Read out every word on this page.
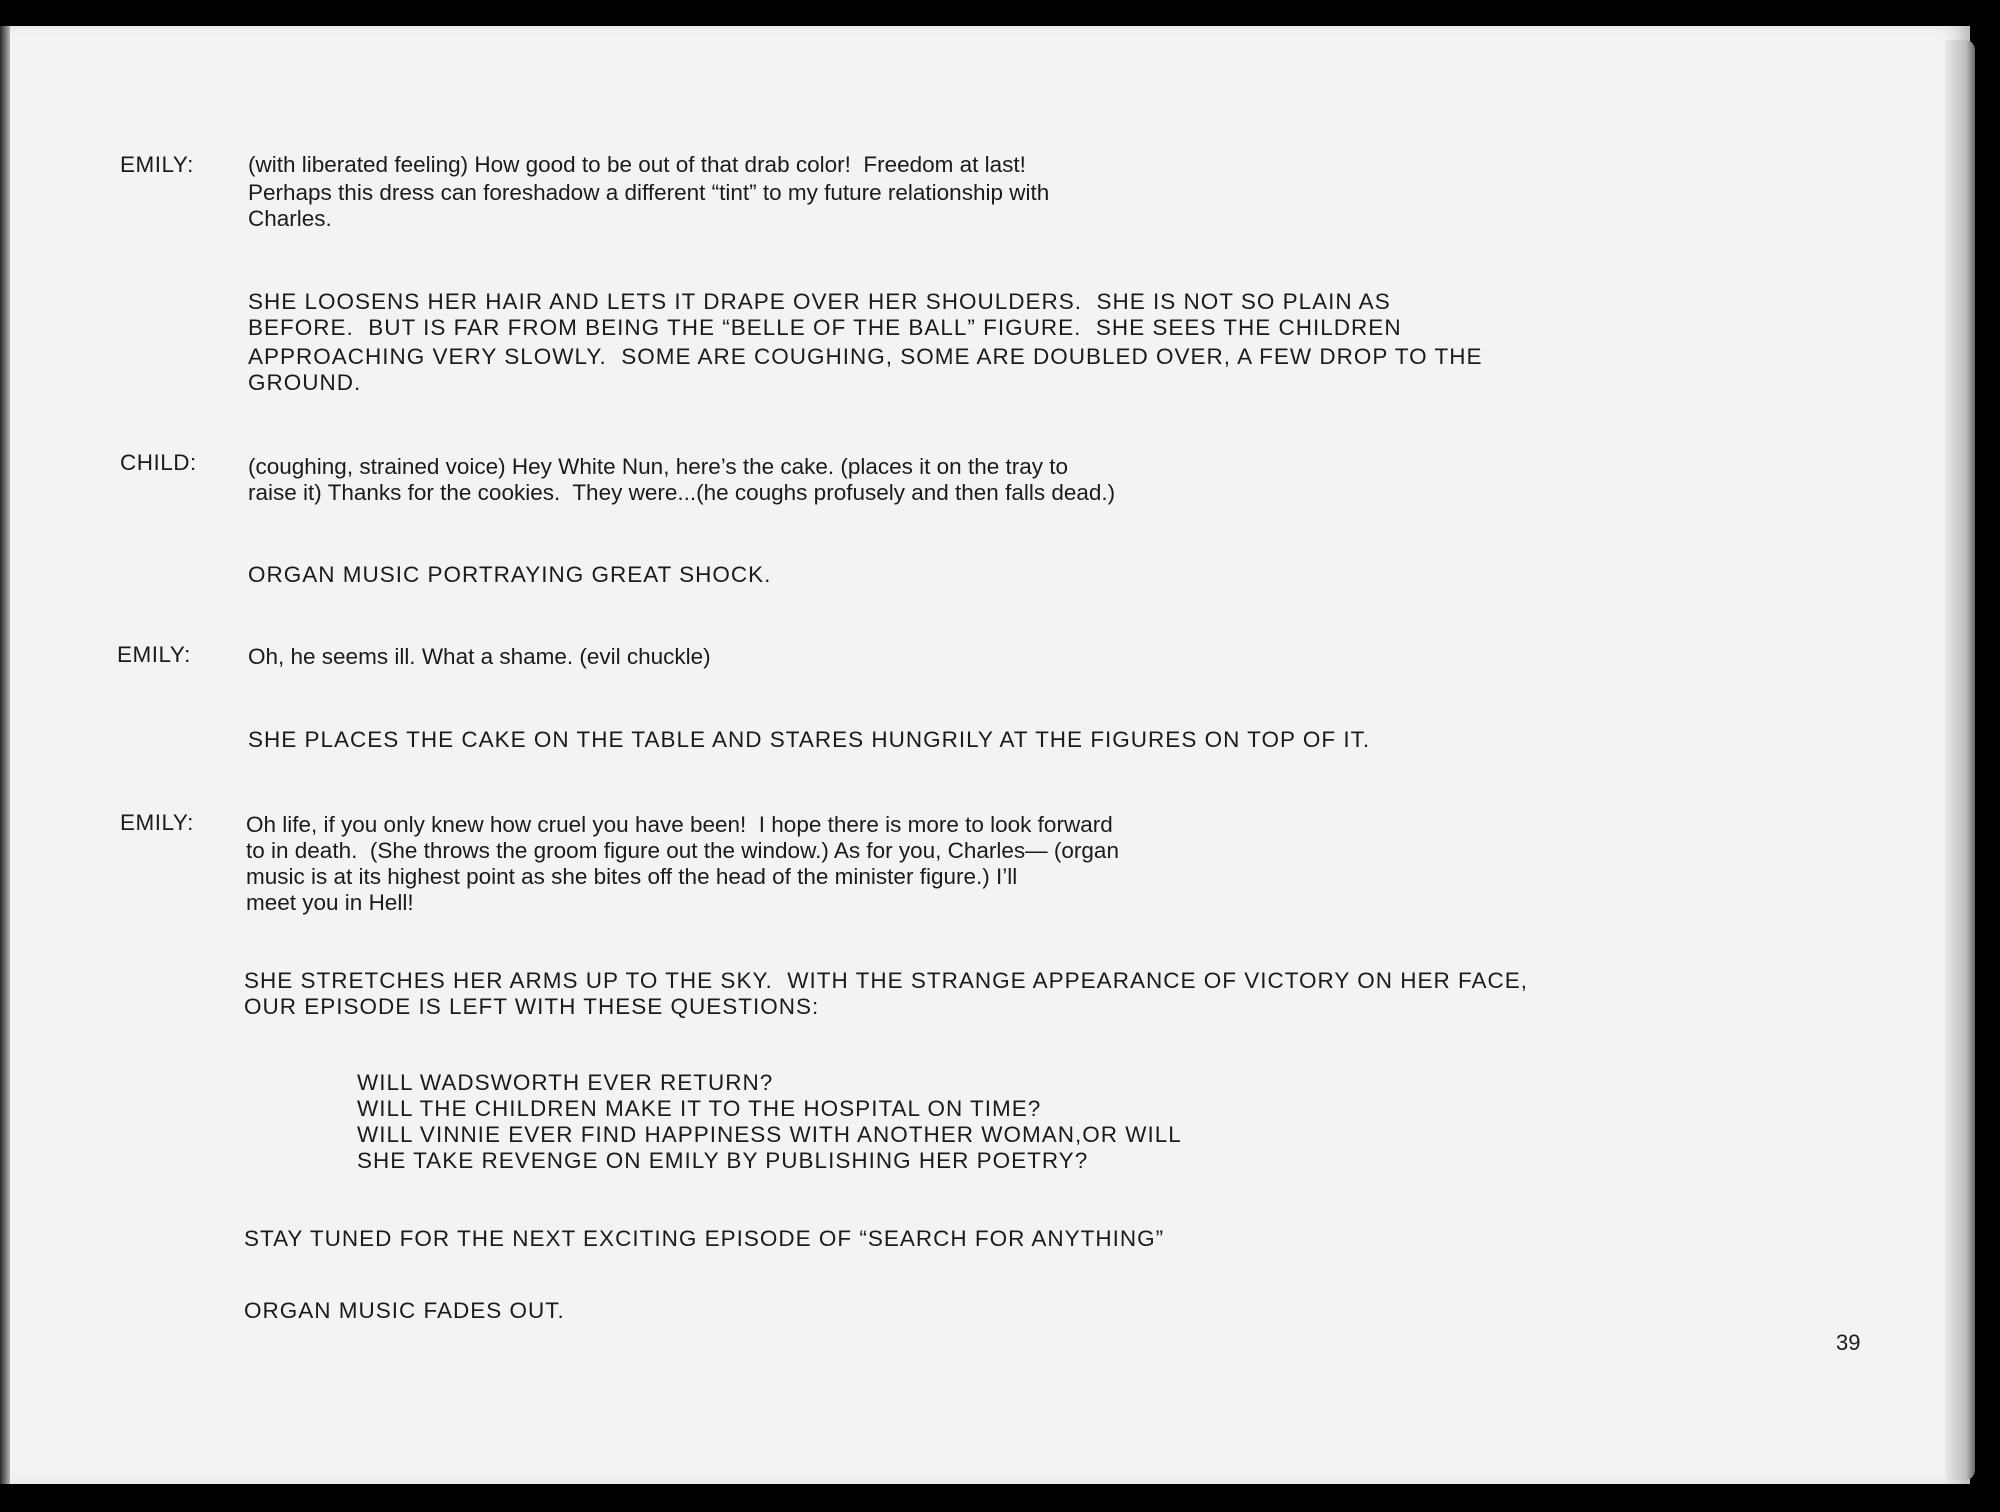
EMILY: (with liberated feeling) How good to be out of that drab color!  Freedom at last!
Perhaps this dress can foreshadow a different “tint” to my future relationship with
Charles.
SHE LOOSENS HER HAIR AND LETS IT DRAPE OVER HER SHOULDERS.  SHE IS NOT SO PLAIN AS
BEFORE.  BUT IS FAR FROM BEING THE “BELLE OF THE BALL” FIGURE.  SHE SEES THE CHILDREN
APPROACHING VERY SLOWLY.  SOME ARE COUGHING, SOME ARE DOUBLED OVER, A FEW DROP TO THE
GROUND.
CHILD: (coughing, strained voice) Hey White Nun, here’s the cake. (places it on the tray to
raise it) Thanks for the cookies.  They were...(he coughs profusely and then falls dead.)
ORGAN MUSIC PORTRAYING GREAT SHOCK.
EMILY:	Oh, he seems ill. What a shame. (evil chuckle)
SHE PLACES THE CAKE ON THE TABLE AND STARES HUNGRILY AT THE FIGURES ON TOP OF IT.
EMILY: Oh life, if you only knew how cruel you have been!  I hope there is more to look forward
to in death.  (She throws the groom figure out the window.) As for you, Charles— (organ
music is at its highest point as she bites off the head of the minister figure.) I’ll
meet you in Hell!
SHE STRETCHES HER ARMS UP TO THE SKY.  WITH THE STRANGE APPEARANCE OF VICTORY ON HER FACE,
OUR EPISODE IS LEFT WITH THESE QUESTIONS:
WILL WADSWORTH EVER RETURN?
WILL THE CHILDREN MAKE IT TO THE HOSPITAL ON TIME?
WILL VINNIE EVER FIND HAPPINESS WITH ANOTHER WOMAN,OR WILL
SHE TAKE REVENGE ON EMILY BY PUBLISHING HER POETRY?
STAY TUNED FOR THE NEXT EXCITING EPISODE OF “SEARCH FOR ANYTHING”
ORGAN MUSIC FADES OUT.
39
